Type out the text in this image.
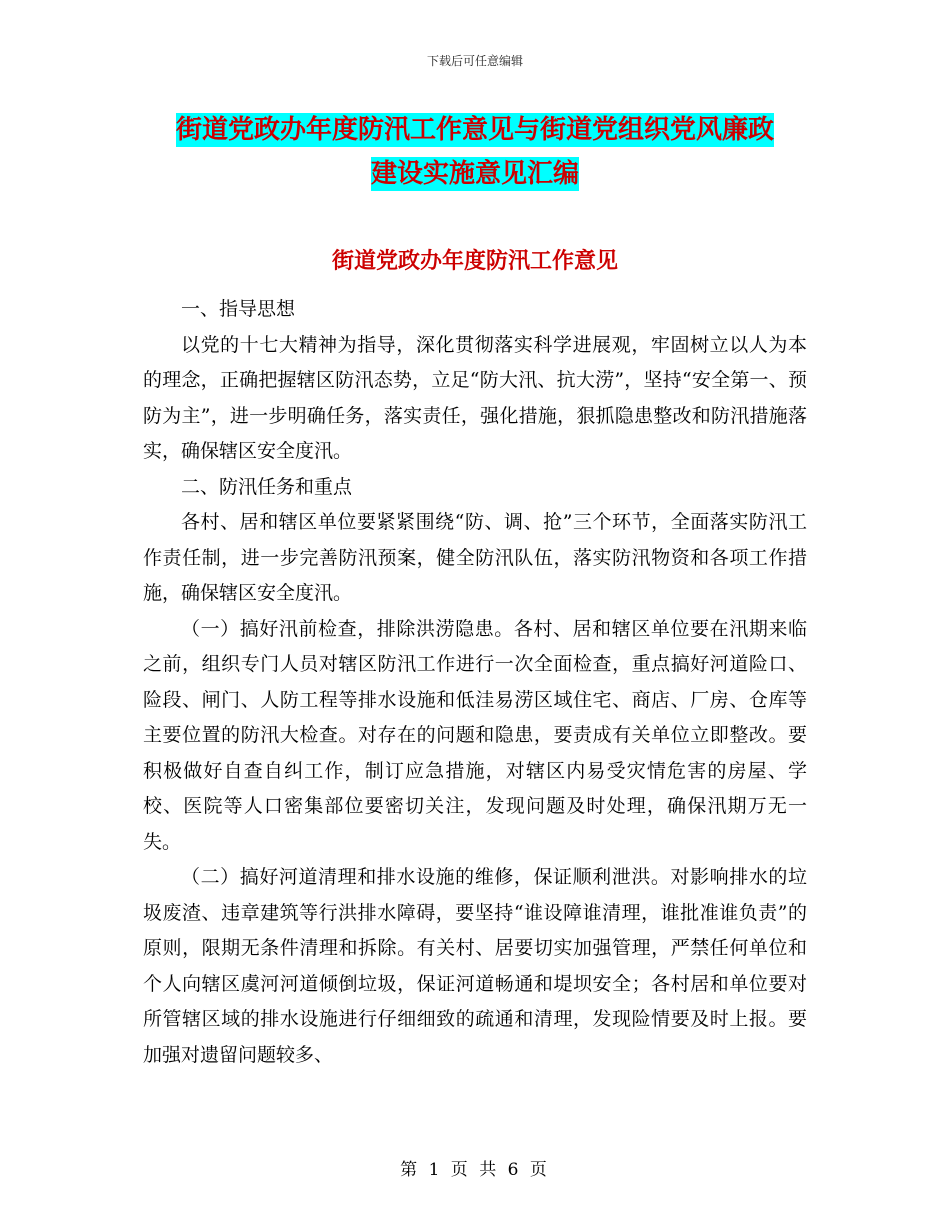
下载后可任意编辑
街道党政办年度防汛工作意见与街道党组织党风廉政
建设实施意见汇编
街道党政办年度防汛工作意见

一、指导思想

以党的十七大精神为指导，深化贯彻落实科学进展观，牢固树立以人为本的理念，正确把握辖区防汛态势，立足“防大汛、抗大涝”，坚持“安全第一、预防为主”，进一步明确任务，落实责任，强化措施，狠抓隐患整改和防汛措施落实，确保辖区安全度汛。

二、防汛任务和重点

各村、居和辖区单位要紧紧围绕“防、调、抢”三个环节，全面落实防汛工作责任制，进一步完善防汛预案，健全防汛队伍，落实防汛物资和各项工作措施，确保辖区安全度汛。

（一）搞好汛前检查，排除洪涝隐患。各村、居和辖区单位要在汛期来临之前，组织专门人员对辖区防汛工作进行一次全面检查，重点搞好河道险口、险段、闸门、人防工程等排水设施和低洼易涝区域住宅、商店、厂房、仓库等主要位置的防汛大检查。对存在的问题和隐患，要责成有关单位立即整改。要积极做好自查自纠工作，制订应急措施，对辖区内易受灾情危害的房屋、学校、医院等人口密集部位要密切关注，发现问题及时处理，确保汛期万无一失。

（二）搞好河道清理和排水设施的维修，保证顺利泄洪。对影响排水的垃圾废渣、违章建筑等行洪排水障碍，要坚持“谁设障谁清理，谁批准谁负责”的原则，限期无条件清理和拆除。有关村、居要切实加强管理，严禁任何单位和个人向辖区虞河河道倾倒垃圾，保证河道畅通和堤坝安全；各村居和单位要对所管辖区域的排水设施进行仔细细致的疏通和清理，发现险情要及时上报。要加强对遗留问题较多、

第 1 页 共 6 页
